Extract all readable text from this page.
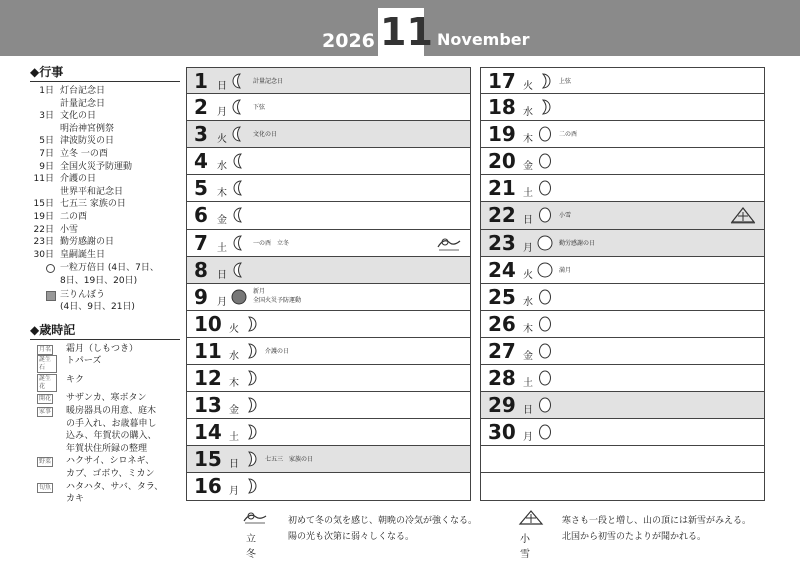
2026 11 November
◆行事
1日 灯台記念日
計量記念日
3日 文化の日
明治神宮例祭
5日 津波防災の日
7日 立冬 一の酉
9日 全国火災予防運動
11日 介護の日
世界平和記念日
15日 七五三 家族の日
19日 二の酉
22日 小雪
23日 勤労感謝の日
30日 皇嗣誕生日
一粒万倍日 (4日、7日、
8日、19日、20日)
三りんぼう
(4日、9日、21日)
◆歳時記
月名	霜月（しもつき）
誕生石
トパーズ
誕生花
キク
開花	サザンカ、寒ボタン
家事	暖房器具の用意、庭木
の手入れ、お歳暮申し
込み、年賀状の購入、
年賀状住所録の整理
野菜	ハクサイ、シロネギ、
カブ、ゴボウ、ミカン
旬魚	ハタハタ、サバ、タラ、
カキ
1 日	計量記念日
2 月	下弦
3 火	文化の日
4 水
5 木
6 金
7 土	一の酉　立冬
8 日
9 月
新月
全国火災予防運動
10 火
11 水	介護の日
12 木
13 金
14 土
15 日	七五三　家族の日
16 月
17 火	上弦
18 水
19 木	二の酉
20 金
21 土
22 日	小雪
23 月	勤労感謝の日
24 火	満月
25 水
26 木
27 金
28 土
29 日
30 月
立冬
初めて冬の気を感じ、朝晩の冷気が強くなる。
陽の光も次第に弱々しくなる。	小雪
寒さも一段と増し、山の頂には新雪がみえる。
北国から初雪のたよりが聞かれる。
